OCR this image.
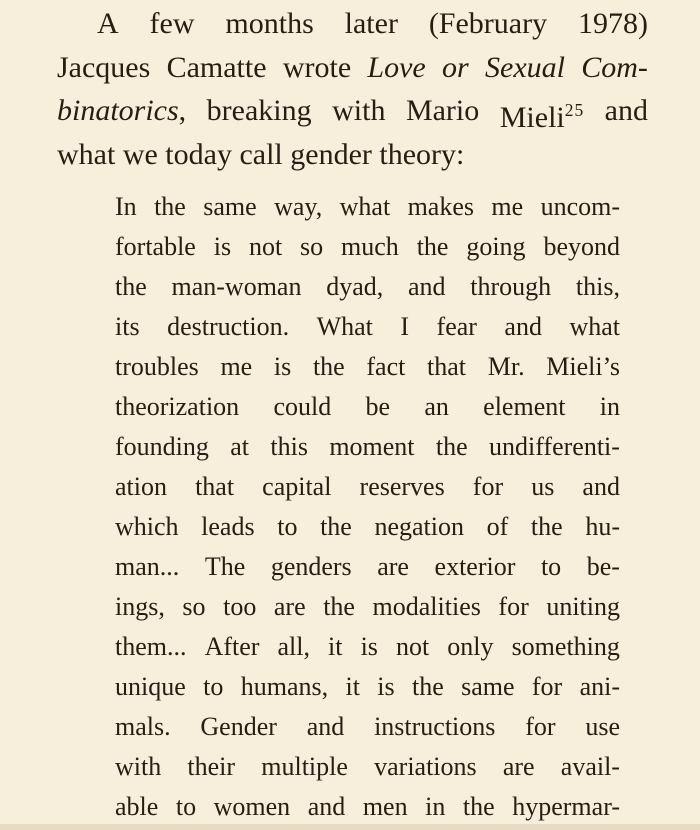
A few months later (February 1978)
Jacques Camatte wrote Love or Sexual Com-
binatorics, breaking with Mario Mieli$^{25}$ and
what we today call gender theory:
In the same way, what makes me uncom-
fortable is not so much the going beyond
the man-woman dyad, and through this,
its destruction. What I fear and what
troubles me is the fact that Mr. Mieli’s
theorization could be an element in
founding at this moment the undifferenti-
ation that capital reserves for us and
which leads to the negation of the hu-
man... The genders are exterior to be-
ings, so too are the modalities for uniting
them... After all, it is not only something
unique to humans, it is the same for ani-
mals. Gender and instructions for use
with their multiple variations are avail-
able to women and men in the hypermar-
